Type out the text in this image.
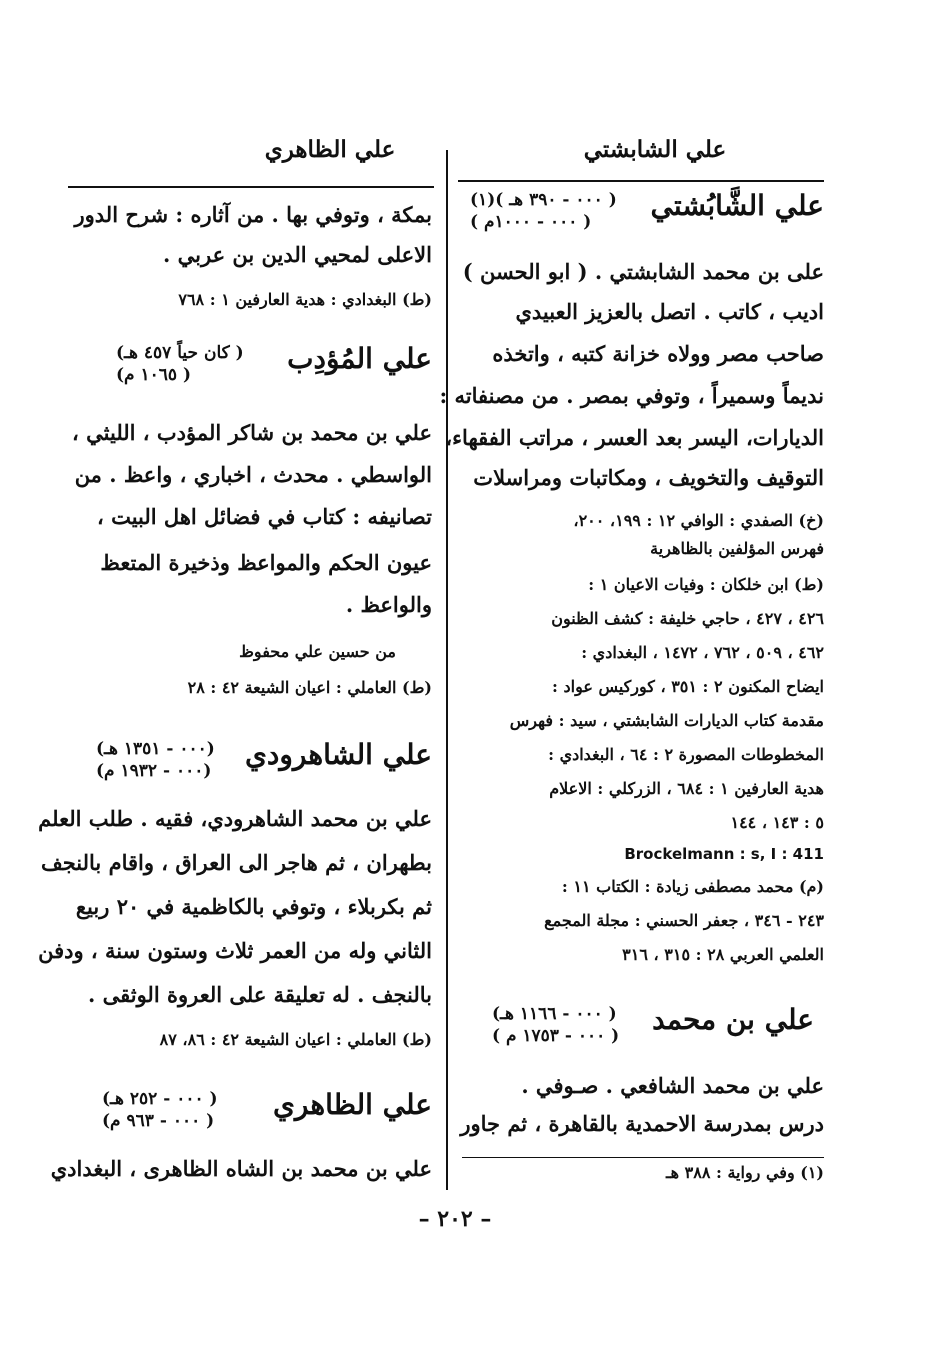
علي الظاهري	علي الشابشتي
بمكة ، وتوفي بها . من آثاره : شرح الدور
الاعلى لمحيي الدين بن عربي .
(ط) البغدادي : هدية العارفين ١ : ٧٦٨
علي المُؤدِب
( كان حياً ٤٥٧ هـ)
( ١٠٦٥ م)
علي بن محمد بن شاكر المؤدب ، الليثي ،
الواسطي . محدث ، اخباري ، واعظ . من
تصانيفه : كتاب في فضائل اهل البيت ،
عيون الحكم والمواعظ وذخيرة المتعظ
والواعظ .
من حسين علي محفوظ
(ط) العاملي : اعيان الشيعة ٤٢ : ٢٨
علي الشاهرودي
(٠٠٠ - ١٣٥١ هـ)
(٠٠٠ - ١٩٣٢ م)
علي بن محمد الشاهرودي، فقيه . طلب العلم
بطهران ، ثم هاجر الى العراق ، واقام بالنجف
ثم بكربلاء ، وتوفي بالكاظمية في ٢٠ ربيع
الثاني وله من العمر ثلاث وستون سنة ، ودفن
بالنجف . له تعليقة على العروة الوثقى .
(ط) العاملي : اعيان الشيعة ٤٢ : ٨٦، ٨٧
علي الظاهري
( ٠٠٠ - ٢٥٢ هـ)
( ٠٠٠ - ٩٦٣ م)
علي بن محمد بن الشاه الظاهرى ، البغدادي
علي الشَّابُشتي
( ٠٠٠ - ٣٩٠ هـ )(١)
( ٠٠٠ - ١٠٠٠م )
على بن محمد الشابشتي . ( ابو الحسن )
اديب ، كاتب . اتصل بالعزيز العبيدي
صاحب مصر وولاه خزانة كتبه ، واتخذه
نديماً وسميراً ، وتوفي بمصر . من مصنفاته :
الديارات، اليسر بعد العسر ، مراتب الفقهاء،
التوقيف والتخويف ، ومكاتبات ومراسلات
(خ) الصفدي : الوافي ١٢ : ١٩٩، ٢٠٠،
فهرس المؤلفين بالظاهرية
(ط) ابن خلكان : وفيات الاعيان ١ :
٤٢٦ ، ٤٢٧ ، حاجي خليفة : كشف الظنون
٤٦٢ ، ٥٠٩ ، ٧٦٢ ، ١٤٧٢ ، البغدادي :
ايضاح المكنون ٢ : ٣٥١ ، كوركيس عواد :
مقدمة كتاب الديارات الشابشتي ، سيد : فهرس
المخطوطات المصورة ٢ : ٦٤ ، البغدادي :
هدية العارفين ١ : ٦٨٤ ، الزركلي : الاعلام
٥ : ١٤٣ ، ١٤٤
Brockelmann : s, I : 411
(م) محمد مصطفى زيادة : الكتاب ١١ :
٢٤٣ - ٣٤٦ ، جعفر الحسني : مجلة المجمع
العلمي العربي ٢٨ : ٣١٥ ، ٣١٦
علي بن محمد
( ٠٠٠ - ١١٦٦ هـ)
( ٠٠٠ - ١٧٥٣ م )
علي بن محمد الشافعي . صـوفي .
درس بمدرسة الاحمدية بالقاهرة ، ثم جاور
(١) وفي رواية : ٣٨٨ هـ
– ٢٠٢ –
